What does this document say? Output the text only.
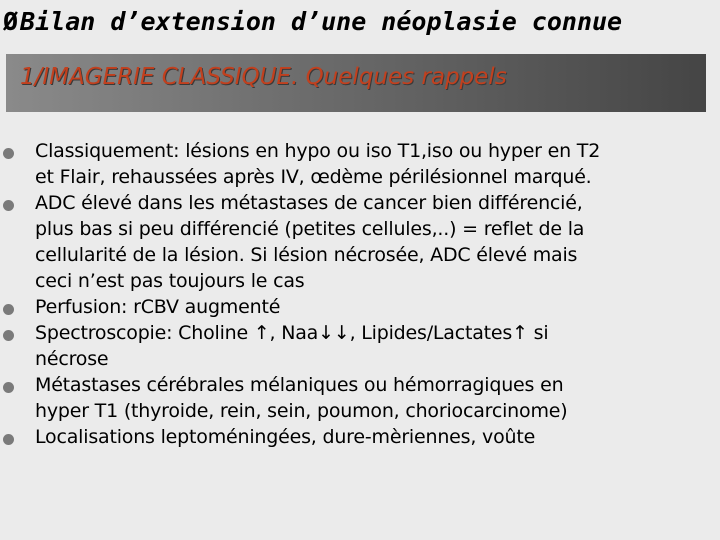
ØBilan d’extension d’une néoplasie connue
1/IMAGERIE CLASSIQUE. Quelques rappels
Classiquement: lésions en hypo ou iso T1,iso ou hyper en T2
et Flair, rehaussées après IV, œdème périlésionnel marqué.
ADC élevé dans les métastases de cancer bien différencié,
plus bas si peu différencié (petites cellules,..) = reflet de la
cellularité de la lésion. Si lésion nécrosée, ADC élevé mais
ceci n’est pas toujours le cas
Perfusion: rCBV augmenté
Spectroscopie: Choline ↑, Naa↓↓, Lipides/Lactates↑ si
nécrose
Métastases cérébrales mélaniques ou hémorragiques en
hyper T1 (thyroide, rein, sein, poumon, choriocarcinome)
Localisations leptoméningées, dure-mèriennes, voûte
